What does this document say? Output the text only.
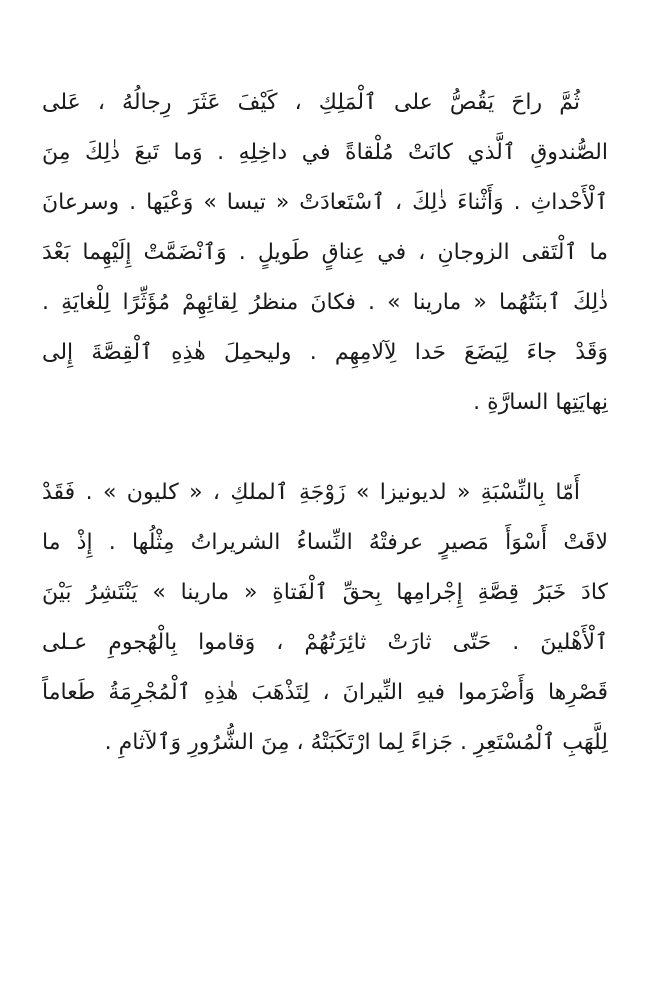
ثُمَّ راحَ يَقُصُّ على ٱلْمَلِكِ ، كَيْفَ عَثَرَ رِجالُهُ ، عَلى
الصُّندوقِ ٱلَّذي كانَتْ مُلْقاةً في داخِلِهِ . وَما تَبعَ ذٰلِكَ مِنَ
ٱلْأَحْداثِ . وَأَثْناءَ ذٰلِكَ ، ٱسْتَعادَتْ « تيسا » وَعْيَها . وسرعانَ
ما ٱلْتَقى الزوجانِ ، في عِناقٍ طَويلٍ . وَٱنْضَمَّتْ إِلَيْهِما بَعْدَ
ذٰلِكَ ٱبنَتُهُما « مارينا » . فكانَ منظرُ لِقائِهِمْ مُؤَثِّرًا لِلْغايَةِ .
وَقَدْ جاءَ لِيَضَعَ حَدا لِآلامِهِم . وليحمِلَ هٰذِهِ ٱلْقِصَّةَ إِلى
نِهايَتِها السارَّةِ .
أَمّا بِالنِّسْبَةِ « لديونيزا » زَوْجَةِ ٱلملكِ ، « كليون » . فَقَدْ
لاقَتْ أَسْوَأَ مَصيرٍ عرفتْهُ النِّساءُ الشريراتُ مِثْلُها . إِذْ ما
كادَ خَبَرُ قِصَّةِ إِجْرامِها بِحقِّ ٱلْفَتاةِ « مارينا » يَنْتَشِرُ بَيْنَ
ٱلْأَهْلينَ . حَتّى ثارَتْ ثائِرَتُهُمْ ، وَقاموا بِالْهُجومِ عـلى
قَصْرِها وَأَضْرَموا فيهِ النِّيرانَ ، لِتَذْهَبَ هٰذِهِ ٱلْمُجْرِمَةُ طَعاماً
لِلَّهَبِ ٱلْمُسْتَعِرِ . جَزاءً لِما ارْتَكَبَتْهُ ، مِنَ الشُّرُورِ وَٱلآثامِ .
